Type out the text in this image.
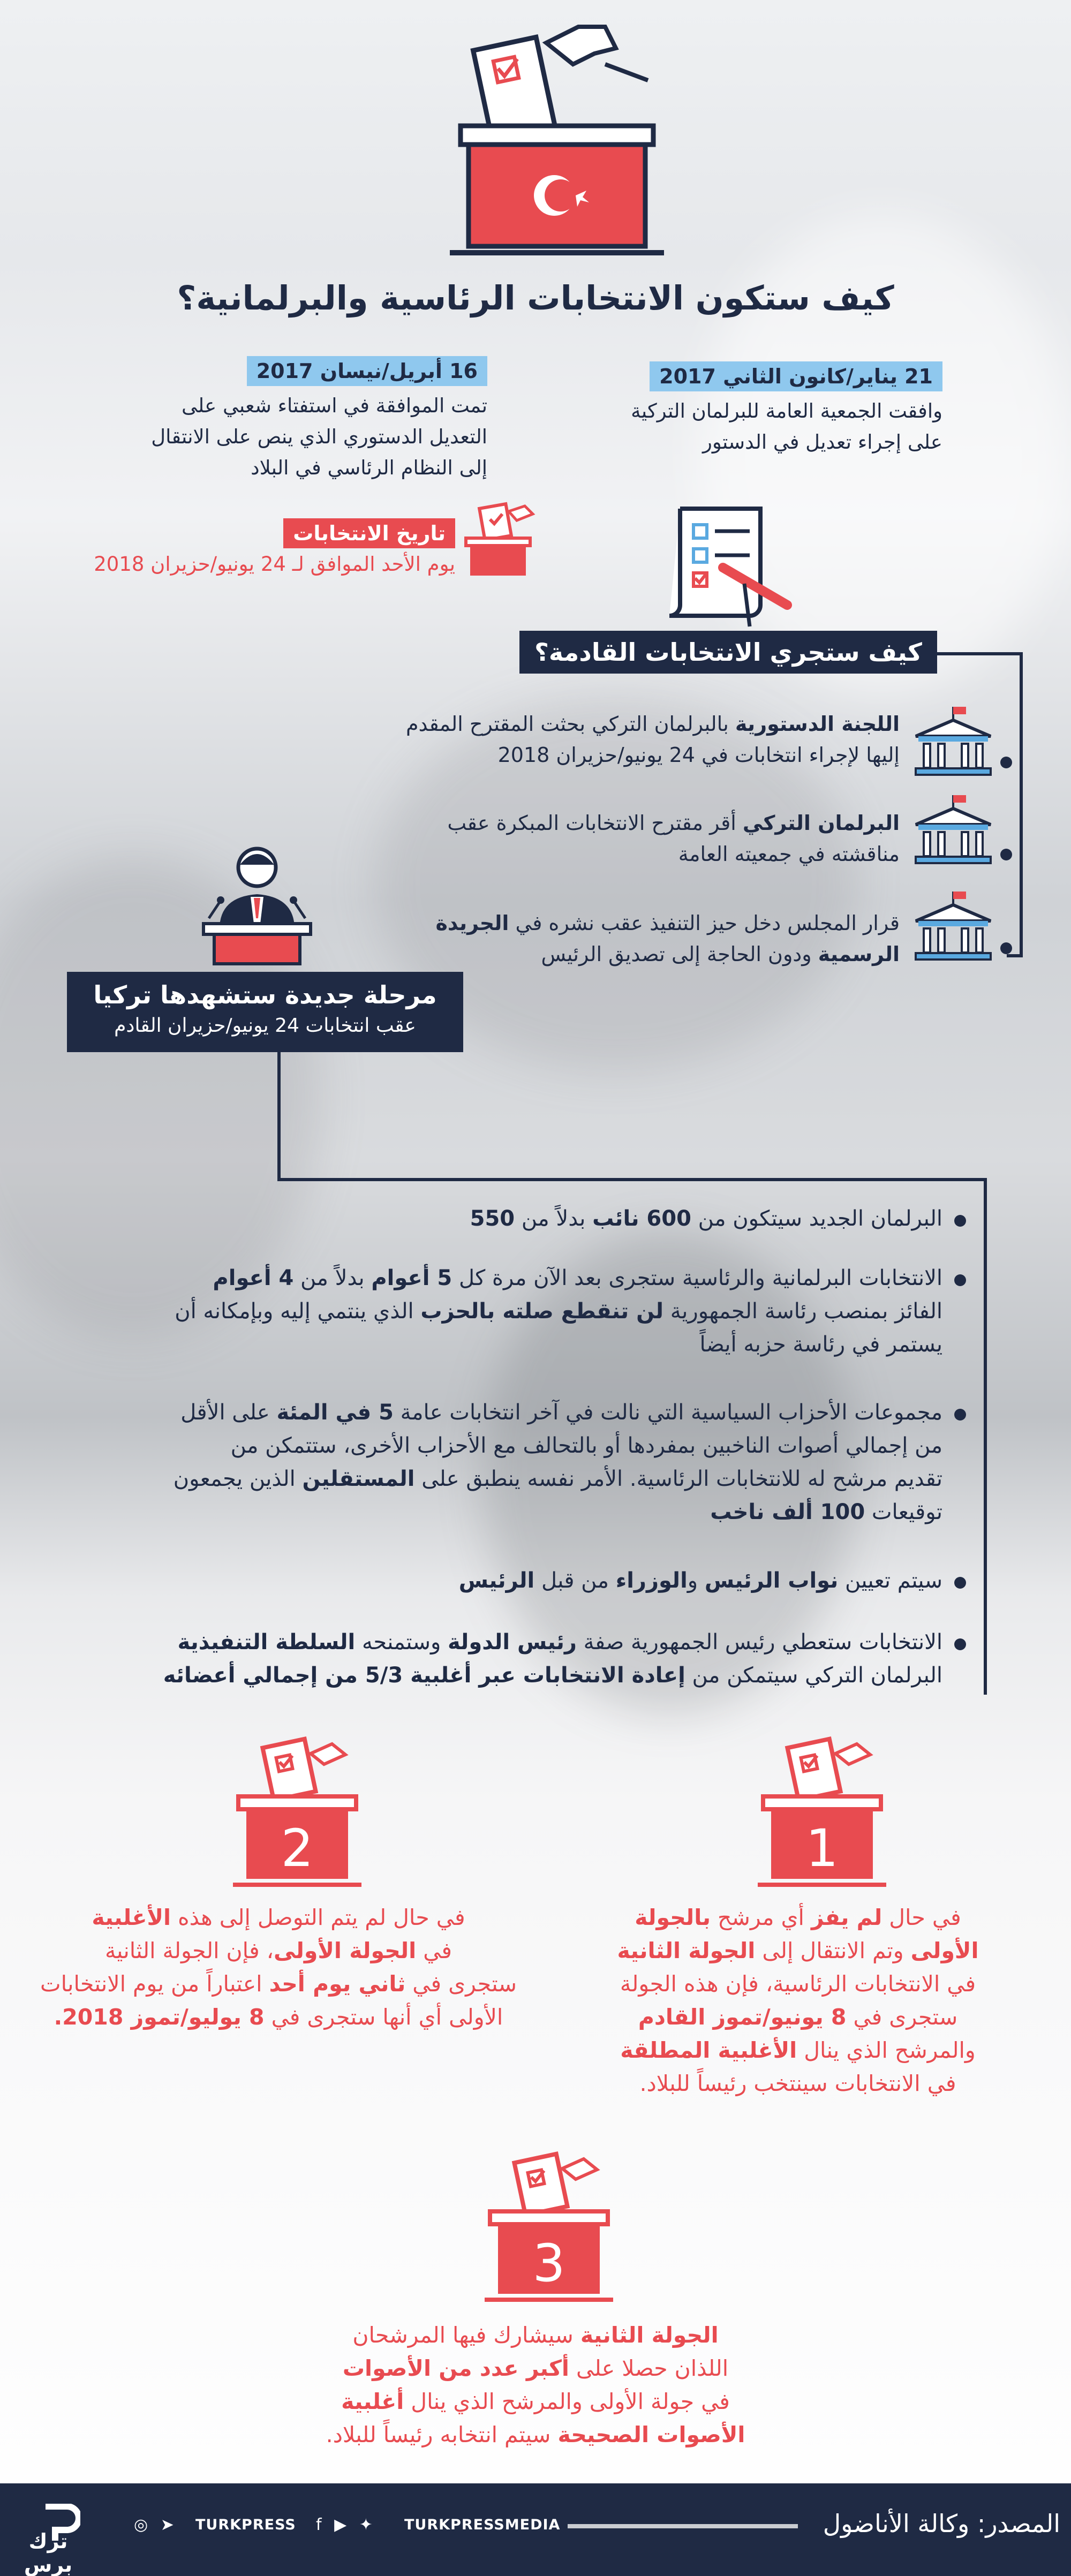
كيف ستكون الانتخابات الرئاسية والبرلمانية؟
21 يناير/كانون الثاني 2017
وافقت الجمعية العامة للبرلمان التركية
على إجراء تعديل في الدستور
16 أبريل/نيسان 2017
تمت الموافقة في استفتاء شعبي على
التعديل الدستوري الذي ينص على الانتقال
إلى النظام الرئاسي في البلاد
تاريخ الانتخابات
يوم الأحد الموافق لـ 24 يونيو/حزيران 2018
كيف ستجري الانتخابات القادمة؟
اللجنة الدستورية بالبرلمان التركي بحثت المقترح المقدم
إليها لإجراء انتخابات في 24 يونيو/حزيران 2018
البرلمان التركي أقر مقترح الانتخابات المبكرة عقب
مناقشته في جمعيته العامة
قرار المجلس دخل حيز التنفيذ عقب نشره في الجريدة
الرسمية ودون الحاجة إلى تصديق الرئيس
مرحلة جديدة ستشهدها تركيا
عقب انتخابات 24 يونيو/حزيران القادم
البرلمان الجديد سيتكون من 600 نائب بدلاً من 550
الانتخابات البرلمانية والرئاسية ستجرى بعد الآن مرة كل 5 أعوام بدلاً من 4 أعوام
الفائز بمنصب رئاسة الجمهورية لن تنقطع صلته بالحزب الذي ينتمي إليه وبإمكانه أن
يستمر في رئاسة حزبه أيضاً
مجموعات الأحزاب السياسية التي نالت في آخر انتخابات عامة 5 في المئة على الأقل
من إجمالي أصوات الناخبين بمفردها أو بالتحالف مع الأحزاب الأخرى، ستتمكن من
تقديم مرشح له للانتخابات الرئاسية. الأمر نفسه ينطبق على المستقلين الذين يجمعون
توقيعات 100 ألف ناخب
سيتم تعيين نواب الرئيس والوزراء من قبل الرئيس
الانتخابات ستعطي رئيس الجمهورية صفة رئيس الدولة وستمنحه السلطة التنفيذية
البرلمان التركي سيتمكن من إعادة الانتخابات عبر أغلبية 5/3 من إجمالي أعضائه
1
في حال لم يفز أي مرشح بالجولة
الأولى وتم الانتقال إلى الجولة الثانية
في الانتخابات الرئاسية، فإن هذه الجولة
ستجرى في 8 يونيو/تموز القادم
والمرشح الذي ينال الأغلبية المطلقة
في الانتخابات سينتخب رئيساً للبلاد.
2
في حال لم يتم التوصل إلى هذه الأغلبية
في الجولة الأولى، فإن الجولة الثانية
ستجرى في ثاني يوم أحد اعتباراً من يوم الانتخابات
الأولى أي أنها ستجرى في 8 يوليو/تموز 2018.
3
الجولة الثانية سيشارك فيها المرشحان
اللذان حصلا على أكبر عدد من الأصوات
في جولة الأولى والمرشح الذي ينال أغلبية
الأصوات الصحيحة سيتم انتخابه رئيساً للبلاد.
ترك برس
◎ ➤ TURKPRESS f ▶ ✦ TURKPRESSMEDIA	المصدر: وكالة الأناضول
